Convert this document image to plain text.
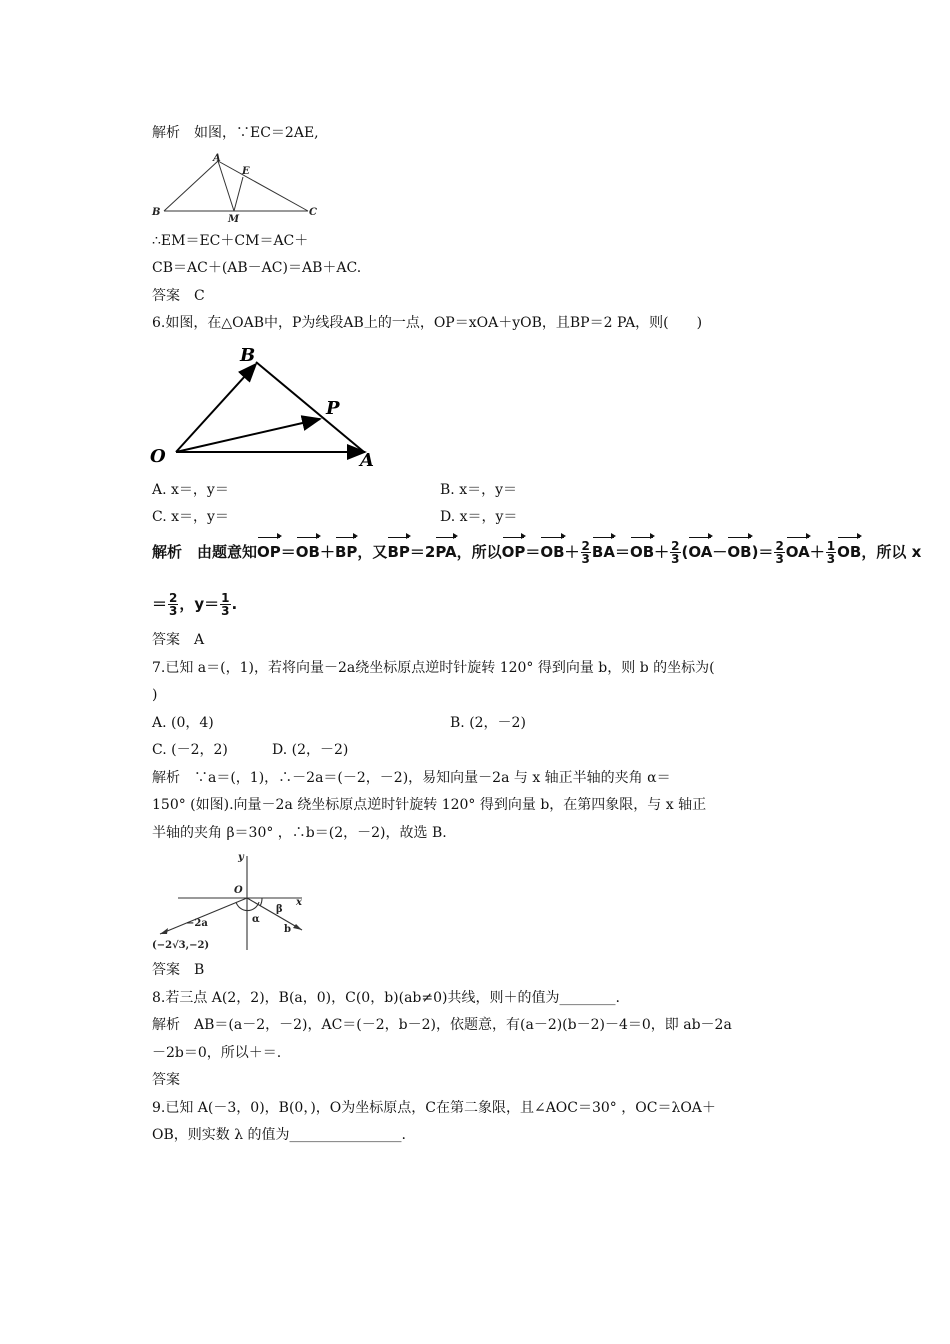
解析　如图，∵EC＝2AE,
A
E
B
M
C
∴EM＝EC＋CM＝AC＋
CB＝AC＋(AB－AC)＝AB＋AC.
答案　C
6.如图，在△OAB中，P为线段AB上的一点，OP＝xOA＋yOB，且BP＝2 PA，则(　　)
B
P
O	A
A. x＝，y＝	B. x＝，y＝
C. x＝，y＝	D. x＝，y＝
解析　由题意知OP＝OB＋BP，又BP＝2PA，所以$OP=OB+ \frac{2}{3} BA=OB+ \frac{2}{3} (OA-OB)= \frac{2}{3} OA+ \frac{1}{3}$ OB，所以 x
＝ $\frac{2}{3}$ ，$y= \frac{1}{3}$ .
答案　A
7.已知 a＝(，1)，若将向量－2a绕坐标原点逆时针旋转 120° 得到向量 b，则 b 的坐标为(
)
A. (0，4)	B. (2，－2)
C. (－2，2)	D. (2，－2)
解析　∵a＝(，1)，∴－2a＝(－2，－2)，易知向量－2a 与 x 轴正半轴的夹角 α＝
150° (如图).向量－2a 绕坐标原点逆时针旋转 120° 得到向量 b，在第四象限，与 x 轴正
半轴的夹角 β＝30° ，∴b＝(2，－2)，故选 B.
y
O
x
−2a	α
β
b
(−2√3,−2)
答案　B
8.若三点 A(2，2)，B(a，0)，C(0，b)(ab≠0)共线，则＋的值为________.
解析　AB＝(a－2，－2)，AC＝(－2，b－2)，依题意，有(a－2)(b－2)－4＝0，即 ab－2a
－2b＝0，所以＋＝.
答案
9.已知 A(－3，0)，B(0，)，O为坐标原点，C在第二象限，且∠AOC＝30° ，OC＝λOA＋
OB，则实数 λ 的值为________________.
